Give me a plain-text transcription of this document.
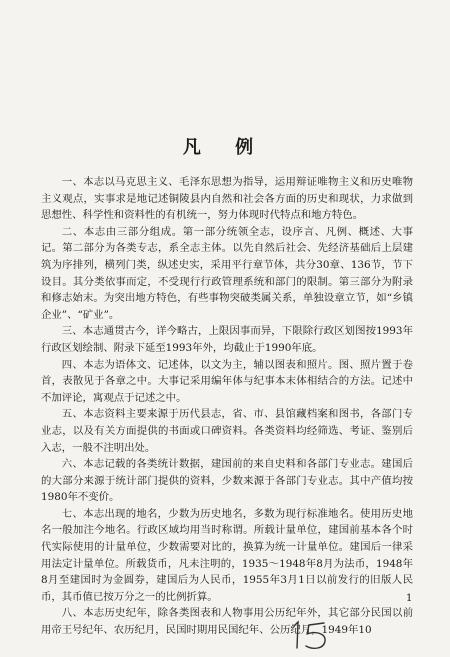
凡 例

一、本志以马克思主义、毛泽东思想为指导，运用辩证唯物主义和历史唯物主义观点，实事求是地记述铜陵县内自然和社会各方面的历史和现状，力求做到思想性、科学性和资料性的有机统一，努力体现时代特点和地方特色。

二、本志由三部分组成。第一部分统领全志，设序言、凡例、概述、大事记。第二部分为各类专志，系全志主体。以先自然后社会、先经济基础后上层建筑为序排列，横列门类，纵述史实，采用平行章节体，共分30章、136节，节下设目。其分类依事而定，不受现行行政管理系统和部门的限制。第三部分为附录和修志始末。为突出地方特色，有些事物突破类属关系，单独设章立节，如“乡镇企业”、“矿业”。

三、本志通贯古今，详今略古，上限因事而异，下限除行政区划图按1993年行政区划绘制、附录下延至1993年外，均截止于1990年底。

四、本志为语体文、记述体，以文为主，辅以图表和照片。图、照片置于卷首，表散见于各章之中。大事记采用编年体与纪事本末体相结合的方法。记述中不加评论，寓观点于记述之中。

五、本志资料主要来源于历代县志，省、市、县馆藏档案和图书，各部门专业志，以及有关方面提供的书面或口碑资料。各类资料均经筛选、考证、鉴别后入志，一般不注明出处。

六、本志记载的各类统计数据，建国前的来自史料和各部门专业志。建国后的大部分来源于统计部门提供的资料，少数来源于各部门专业志。其中产值均按1980年不变价。

七、本志出现的地名，少数为历史地名，多数为现行标准地名。使用历史地名一般加注今地名。行政区域均用当时称谓。所载计量单位，建国前基本各个时代实际使用的计量单位，少数需要对比的，换算为统一计量单位。建国后一律采用法定计量单位。所载货币，凡未注明的，1935～1948年8月为法币，1948年8月至建国时为金圆券，建国后为人民币，1955年3月1日以前发行的旧版人民币，其币值已按万分之一的比例折算。

八、本志历史纪年，除各类图表和人物事用公历纪年外，其它部分民国以前用帝王号纪年、农历纪月，民国时期用民国纪年、公历纪月，1949年10

1
